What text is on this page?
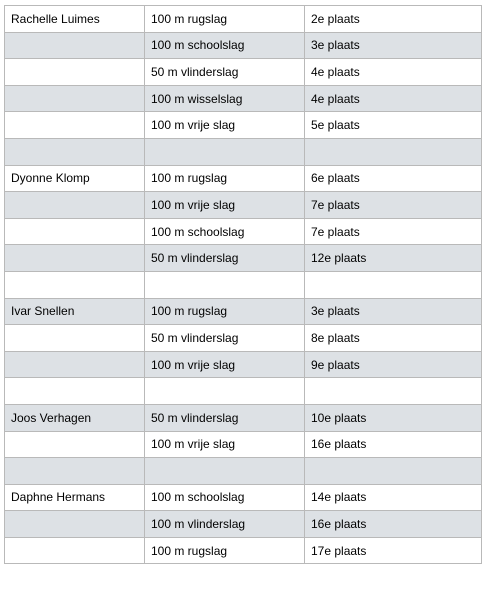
Rachelle Luimes	100 m rugslag	2e plaats
	100 m schoolslag	3e plaats
	50 m vlinderslag	4e plaats
	100 m wisselslag	4e plaats
	100 m vrije slag	5e plaats

Dyonne Klomp	100 m rugslag	6e plaats
	100 m vrije slag	7e plaats
	100 m schoolslag	7e plaats
	50 m vlinderslag	12e plaats

Ivar Snellen	100 m rugslag	3e plaats
	50 m vlinderslag	8e plaats
	100 m vrije slag	9e plaats

Joos Verhagen	50 m vlinderslag	10e plaats
	100 m vrije slag	16e plaats

Daphne Hermans	100 m schoolslag	14e plaats
	100 m vlinderslag	16e plaats
	100 m rugslag	17e plaats
